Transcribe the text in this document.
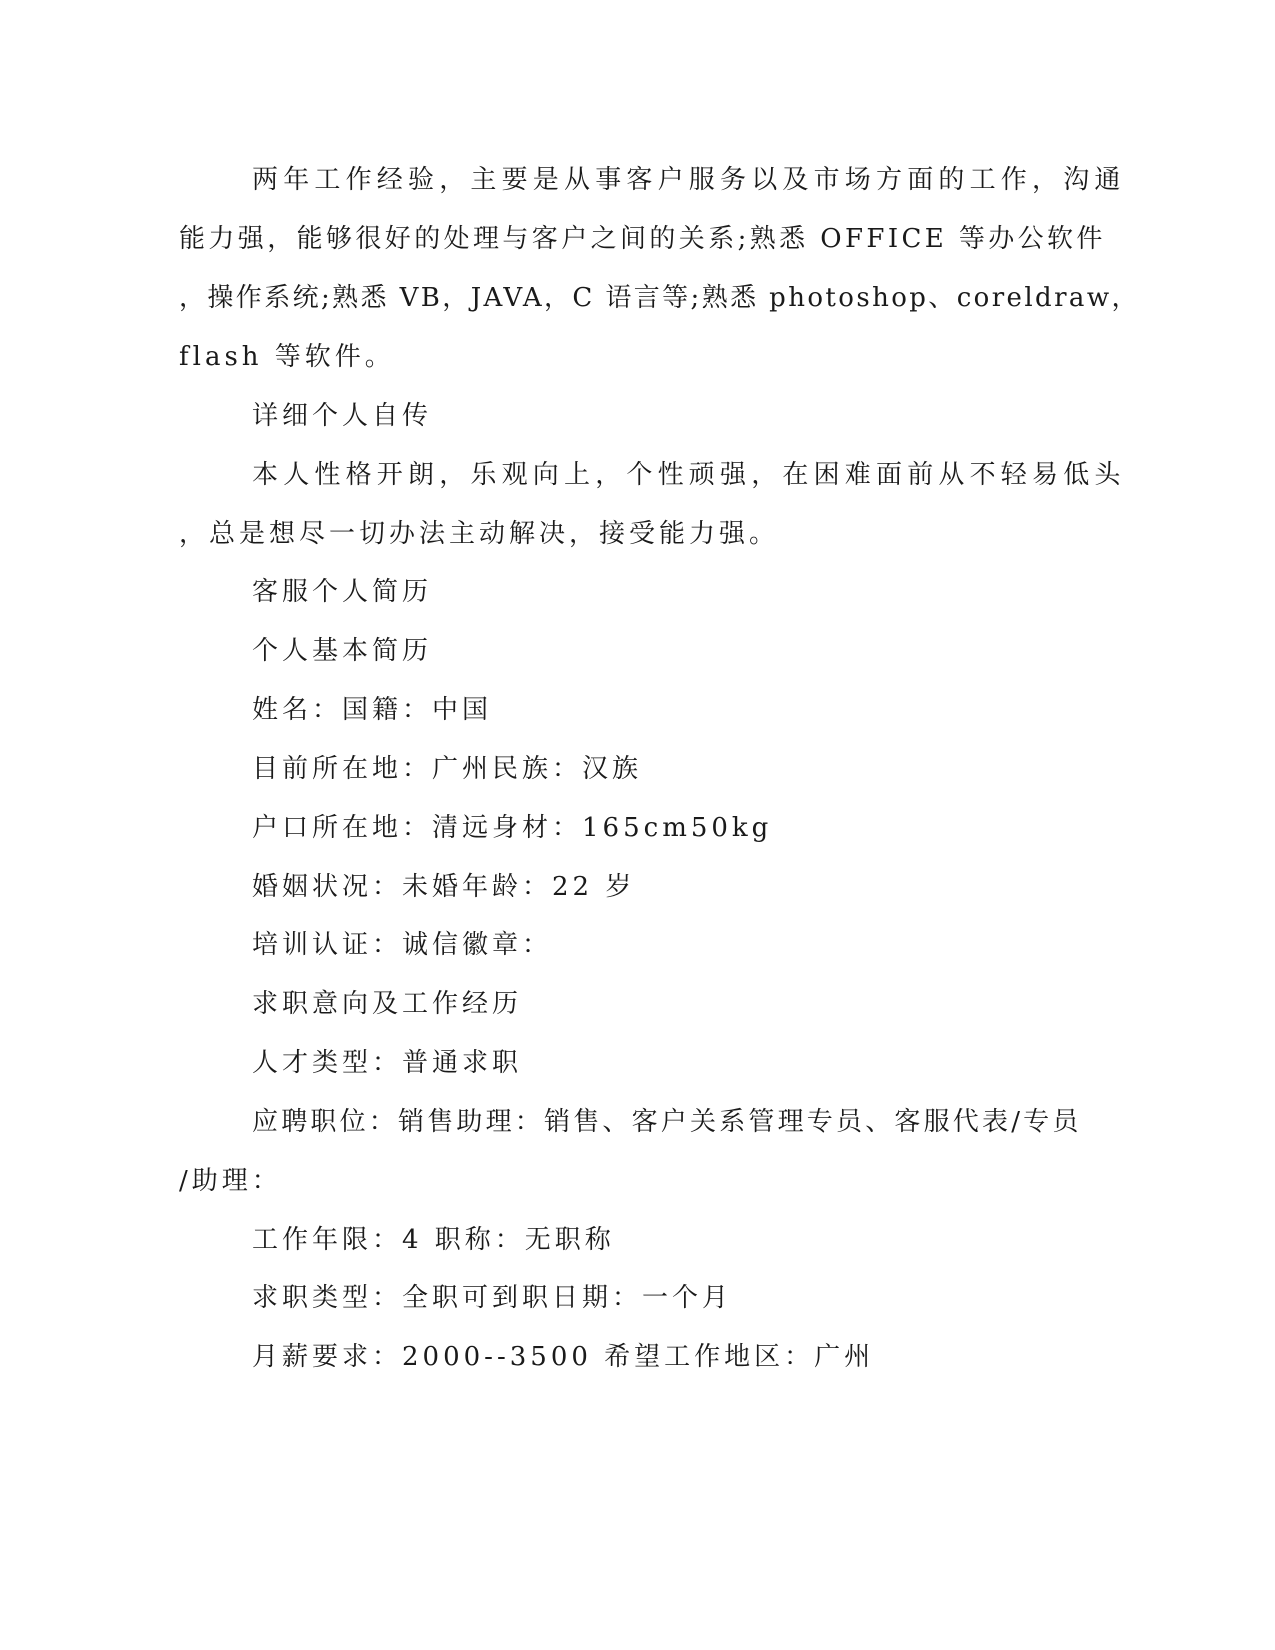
两年工作经验，主要是从事客户服务以及市场方面的工作，沟通
能力强，能够很好的处理与客户之间的关系;熟悉 OFFICE 等办公软件
，操作系统;熟悉 VB，JAVA，C 语言等;熟悉 photoshop、coreldraw，
flash 等软件。
详细个人自传
本人性格开朗，乐观向上，个性顽强，在困难面前从不轻易低头
，总是想尽一切办法主动解决，接受能力强。
客服个人简历
个人基本简历
姓名：国籍：中国
目前所在地：广州民族：汉族
户口所在地：清远身材：165cm50kg
婚姻状况：未婚年龄：22 岁
培训认证：诚信徽章：
求职意向及工作经历
人才类型：普通求职
应聘职位：销售助理：销售、客户关系管理专员、客服代表/专员
/助理：
工作年限：4 职称：无职称
求职类型：全职可到职日期：一个月
月薪要求：2000--3500 希望工作地区：广州
